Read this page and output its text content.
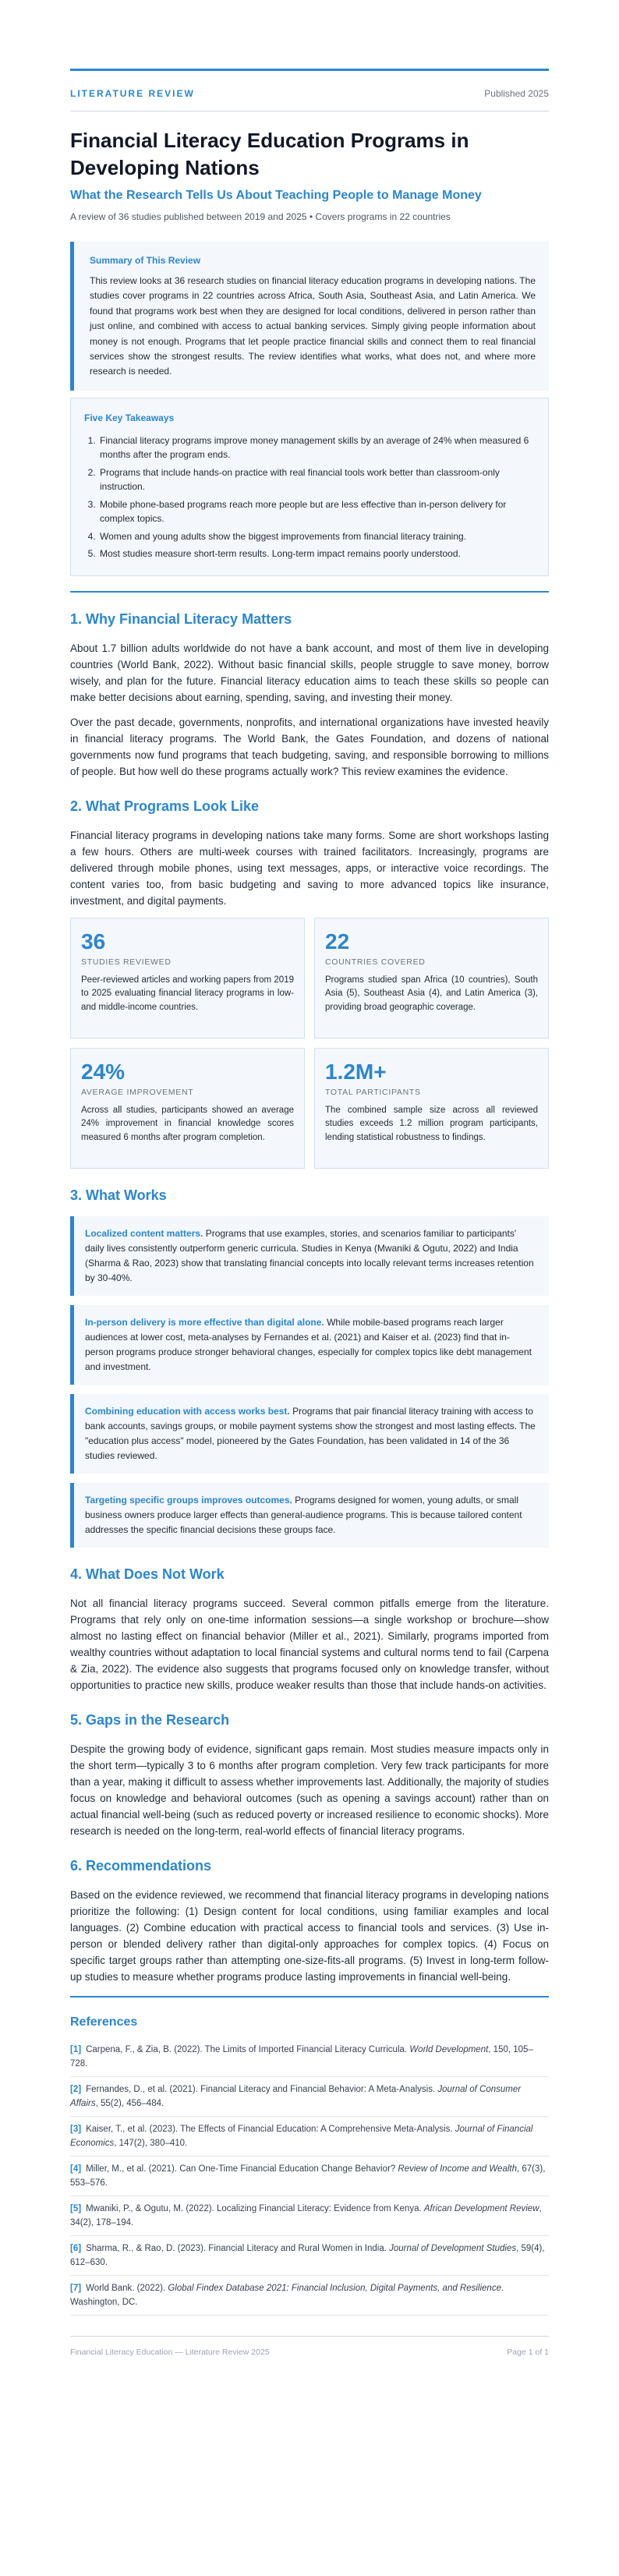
LITERATURE REVIEW	Published 2025
Financial Literacy Education Programs in Developing Nations
What the Research Tells Us About Teaching People to Manage Money
A review of 36 studies published between 2019 and 2025 • Covers programs in 22 countries
Summary of This Review

This review looks at 36 research studies on financial literacy education programs in developing nations. The studies cover programs in 22 countries across Africa, South Asia, Southeast Asia, and Latin America. We found that programs work best when they are designed for local conditions, delivered in person rather than just online, and combined with access to actual banking services. Simply giving people information about money is not enough. Programs that let people practice financial skills and connect them to real financial services show the strongest results. The review identifies what works, what does not, and where more research is needed.

Five Key Takeaways
1. Financial literacy programs improve money management skills by an average of 24% when measured 6 months after the program ends.
2. Programs that include hands-on practice with real financial tools work better than classroom-only instruction.
3. Mobile phone-based programs reach more people but are less effective than in-person delivery for complex topics.
4. Women and young adults show the biggest improvements from financial literacy training.
5. Most studies measure short-term results. Long-term impact remains poorly understood.
1. Why Financial Literacy Matters

About 1.7 billion adults worldwide do not have a bank account, and most of them live in developing countries (World Bank, 2022). Without basic financial skills, people struggle to save money, borrow wisely, and plan for the future. Financial literacy education aims to teach these skills so people can make better decisions about earning, spending, saving, and investing their money.

Over the past decade, governments, nonprofits, and international organizations have invested heavily in financial literacy programs. The World Bank, the Gates Foundation, and dozens of national governments now fund programs that teach budgeting, saving, and responsible borrowing to millions of people. But how well do these programs actually work? This review examines the evidence.

2. What Programs Look Like

Financial literacy programs in developing nations take many forms. Some are short workshops lasting a few hours. Others are multi-week courses with trained facilitators. Increasingly, programs are delivered through mobile phones, using text messages, apps, or interactive voice recordings. The content varies too, from basic budgeting and saving to more advanced topics like insurance, investment, and digital payments.

36
STUDIES REVIEWED
Peer-reviewed articles and working papers from 2019 to 2025 evaluating financial literacy programs in low- and middle-income countries.
22
COUNTRIES COVERED
Programs studied span Africa (10 countries), South Asia (5), Southeast Asia (4), and Latin America (3), providing broad geographic coverage.
24%
AVERAGE IMPROVEMENT
Across all studies, participants showed an average 24% improvement in financial knowledge scores measured 6 months after program completion.
1.2M+
TOTAL PARTICIPANTS
The combined sample size across all reviewed studies exceeds 1.2 million program participants, lending statistical robustness to findings.
3. What Works
Localized content matters. Programs that use examples, stories, and scenarios familiar to participants' daily lives consistently outperform generic curricula. Studies in Kenya (Mwaniki & Ogutu, 2022) and India (Sharma & Rao, 2023) show that translating financial concepts into locally relevant terms increases retention by 30-40%.
In-person delivery is more effective than digital alone. While mobile-based programs reach larger audiences at lower cost, meta-analyses by Fernandes et al. (2021) and Kaiser et al. (2023) find that in-person programs produce stronger behavioral changes, especially for complex topics like debt management and investment.
Combining education with access works best. Programs that pair financial literacy training with access to bank accounts, savings groups, or mobile payment systems show the strongest and most lasting effects. The "education plus access" model, pioneered by the Gates Foundation, has been validated in 14 of the 36 studies reviewed.
Targeting specific groups improves outcomes. Programs designed for women, young adults, or small business owners produce larger effects than general-audience programs. This is because tailored content addresses the specific financial decisions these groups face.
4. What Does Not Work

Not all financial literacy programs succeed. Several common pitfalls emerge from the literature. Programs that rely only on one-time information sessions—a single workshop or brochure—show almost no lasting effect on financial behavior (Miller et al., 2021). Similarly, programs imported from wealthy countries without adaptation to local financial systems and cultural norms tend to fail (Carpena & Zia, 2022). The evidence also suggests that programs focused only on knowledge transfer, without opportunities to practice new skills, produce weaker results than those that include hands-on activities.

5. Gaps in the Research

Despite the growing body of evidence, significant gaps remain. Most studies measure impacts only in the short term—typically 3 to 6 months after program completion. Very few track participants for more than a year, making it difficult to assess whether improvements last. Additionally, the majority of studies focus on knowledge and behavioral outcomes (such as opening a savings account) rather than on actual financial well-being (such as reduced poverty or increased resilience to economic shocks). More research is needed on the long-term, real-world effects of financial literacy programs.

6. Recommendations

Based on the evidence reviewed, we recommend that financial literacy programs in developing nations prioritize the following: (1) Design content for local conditions, using familiar examples and local languages. (2) Combine education with practical access to financial tools and services. (3) Use in-person or blended delivery rather than digital-only approaches for complex topics. (4) Focus on specific target groups rather than attempting one-size-fits-all programs. (5) Invest in long-term follow-up studies to measure whether programs produce lasting improvements in financial well-being.

References
[1] Carpena, F., & Zia, B. (2022). The Limits of Imported Financial Literacy Curricula. World Development, 150, 105–728.
[2] Fernandes, D., et al. (2021). Financial Literacy and Financial Behavior: A Meta-Analysis. Journal of Consumer Affairs, 55(2), 456–484.
[3] Kaiser, T., et al. (2023). The Effects of Financial Education: A Comprehensive Meta-Analysis. Journal of Financial Economics, 147(2), 380–410.
[4] Miller, M., et al. (2021). Can One-Time Financial Education Change Behavior? Review of Income and Wealth, 67(3), 553–576.
[5] Mwaniki, P., & Ogutu, M. (2022). Localizing Financial Literacy: Evidence from Kenya. African Development Review, 34(2), 178–194.
[6] Sharma, R., & Rao, D. (2023). Financial Literacy and Rural Women in India. Journal of Development Studies, 59(4), 612–630.
[7] World Bank. (2022). Global Findex Database 2021: Financial Inclusion, Digital Payments, and Resilience. Washington, DC.
Financial Literacy Education — Literature Review 2025	Page 1 of 1
